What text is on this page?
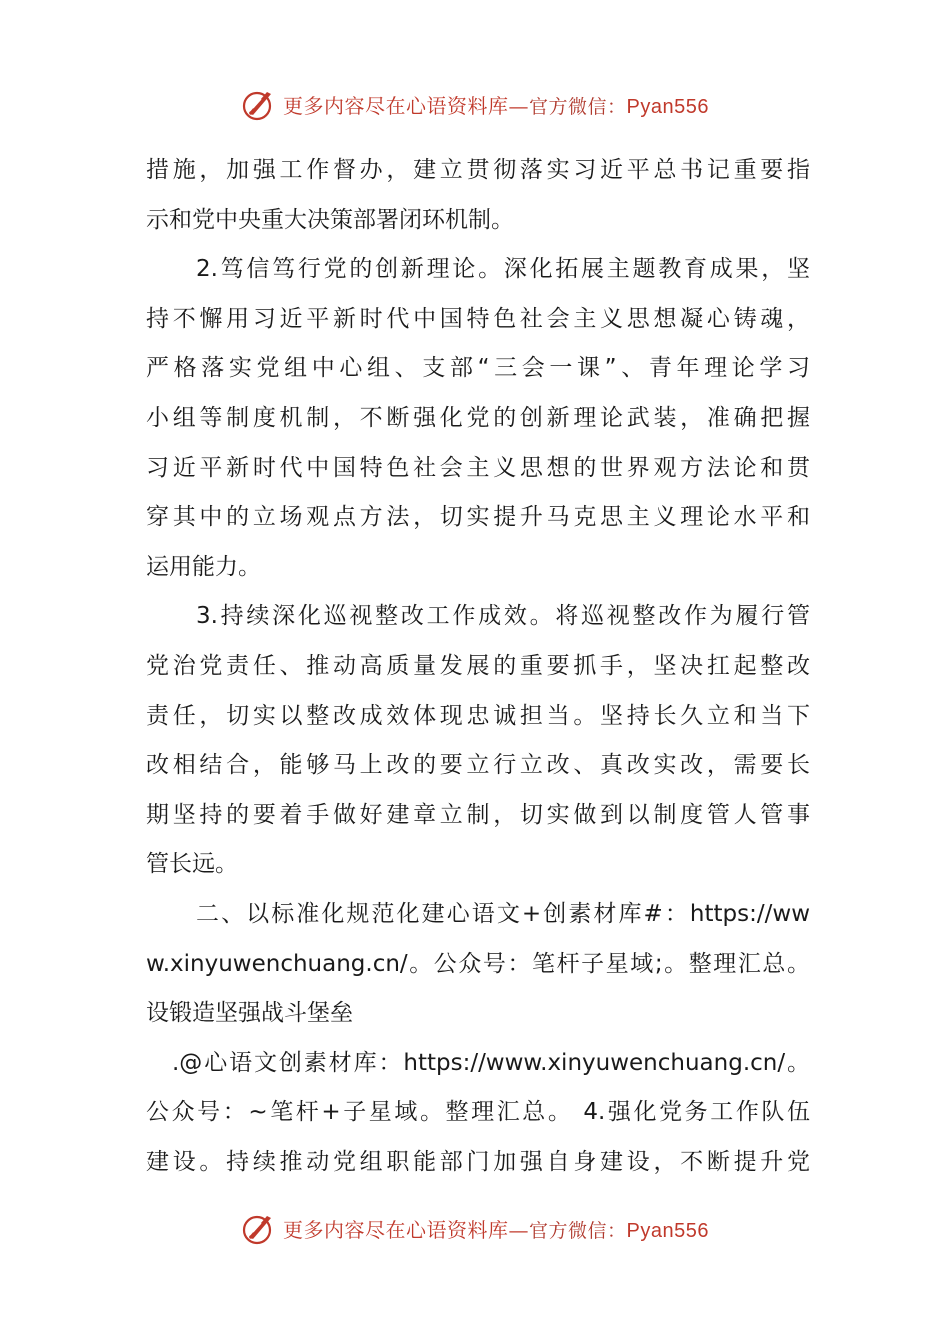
更多内容尽在心语资料库—官方微信：Pyan556
措施，加强工作督办，建立贯彻落实习近平总书记重要指
示和党中央重大决策部署闭环机制。
2.笃信笃行党的创新理论。深化拓展主题教育成果，坚
持不懈用习近平新时代中国特色社会主义思想凝心铸魂，
严格落实党组中心组、支部“三会一课”、青年理论学习
小组等制度机制，不断强化党的创新理论武装，准确把握
习近平新时代中国特色社会主义思想的世界观方法论和贯
穿其中的立场观点方法，切实提升马克思主义理论水平和
运用能力。
3.持续深化巡视整改工作成效。将巡视整改作为履行管
党治党责任、推动高质量发展的重要抓手，坚决扛起整改
责任，切实以整改成效体现忠诚担当。坚持长久立和当下
改相结合，能够马上改的要立行立改、真改实改，需要长
期坚持的要着手做好建章立制，切实做到以制度管人管事
管长远。
二、以标准化规范化建心语文+创素材库#：https://ww
w.xinyuwenchuang.cn/。公众号：笔杆子星域;。整理汇总。
设锻造坚强战斗堡垒
.@心语文创素材库：https://www.xinyuwenchuang.cn/。
公众号：~笔杆+子星域。整理汇总。 4.强化党务工作队伍
建设。持续推动党组职能部门加强自身建设，不断提升党
更多内容尽在心语资料库—官方微信：Pyan556
